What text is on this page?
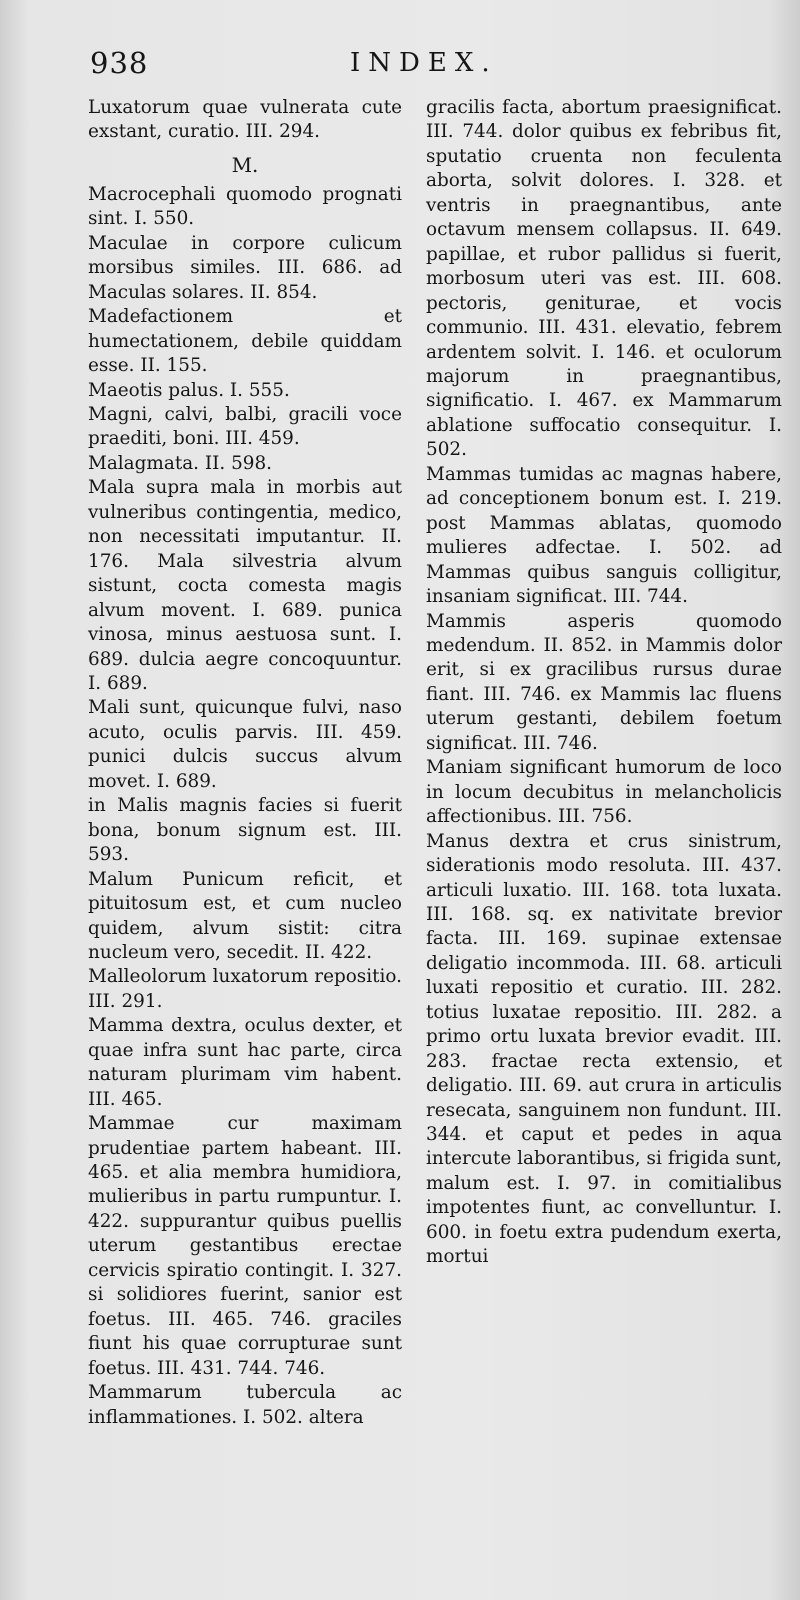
938	INDEX.

Luxatorum quae vulnerata cute exstant, curatio. III. 294.

M.

Macrocephali quomodo prognati sint. I. 550.

Maculae in corpore culicum morsibus similes. III. 686. ad Maculas solares. II. 854.

Madefactionem et humectationem, debile quiddam esse. II. 155.

Maeotis palus. I. 555.

Magni, calvi, balbi, gracili voce praediti, boni. III. 459.

Malagmata. II. 598.

Mala supra mala in morbis aut vulneribus contingentia, medico, non necessitati imputantur. II. 176. Mala silvestria alvum sistunt, cocta comesta magis alvum movent. I. 689. punica vinosa, minus aestuosa sunt. I. 689. dulcia aegre concoquuntur. I. 689.

Mali sunt, quicunque fulvi, naso acuto, oculis parvis. III. 459. punici dulcis succus alvum movet. I. 689.

in Malis magnis facies si fuerit bona, bonum signum est. III. 593.

Malum Punicum reficit, et pituitosum est, et cum nucleo quidem, alvum sistit: citra nucleum vero, secedit. II. 422.

Malleolorum luxatorum repositio. III. 291.

Mamma dextra, oculus dexter, et quae infra sunt hac parte, circa naturam plurimam vim habent. III. 465.

Mammae cur maximam prudentiae partem habeant. III. 465. et alia membra humidiora, mulieribus in partu rumpuntur. I. 422. suppurantur quibus puellis uterum gestantibus erectae cervicis spiratio contingit. I. 327. si solidiores fuerint, sanior est foetus. III. 465. 746. graciles fiunt his quae corrupturae sunt foetus. III. 431. 744. 746.

Mammarum tubercula ac inflammationes. I. 502. altera

gracilis facta, abortum praesignificat. III. 744. dolor quibus ex febribus fit, sputatio cruenta non feculenta aborta, solvit dolores. I. 328. et ventris in praegnantibus, ante octavum mensem collapsus. II. 649. papillae, et rubor pallidus si fuerit, morbosum uteri vas est. III. 608. pectoris, geniturae, et vocis communio. III. 431. elevatio, febrem ardentem solvit. I. 146. et oculorum majorum in praegnantibus, significatio. I. 467. ex Mammarum ablatione suffocatio consequitur. I. 502.

Mammas tumidas ac magnas habere, ad conceptionem bonum est. I. 219. post Mammas ablatas, quomodo mulieres adfectae. I. 502. ad Mammas quibus sanguis colligitur, insaniam significat. III. 744.

Mammis asperis quomodo medendum. II. 852. in Mammis dolor erit, si ex gracilibus rursus durae fiant. III. 746. ex Mammis lac fluens uterum gestanti, debilem foetum significat. III. 746.

Maniam significant humorum de loco in locum decubitus in melancholicis affectionibus. III. 756.

Manus dextra et crus sinistrum, siderationis modo resoluta. III. 437. articuli luxatio. III. 168. tota luxata. III. 168. sq. ex nativitate brevior facta. III. 169. supinae extensae deligatio incommoda. III. 68. articuli luxati repositio et curatio. III. 282. totius luxatae repositio. III. 282. a primo ortu luxata brevior evadit. III. 283. fractae recta extensio, et deligatio. III. 69. aut crura in articulis resecata, sanguinem non fundunt. III. 344. et caput et pedes in aqua intercute laborantibus, si frigida sunt, malum est. I. 97. in comitialibus impotentes fiunt, ac convelluntur. I. 600. in foetu extra pudendum exerta, mortui
